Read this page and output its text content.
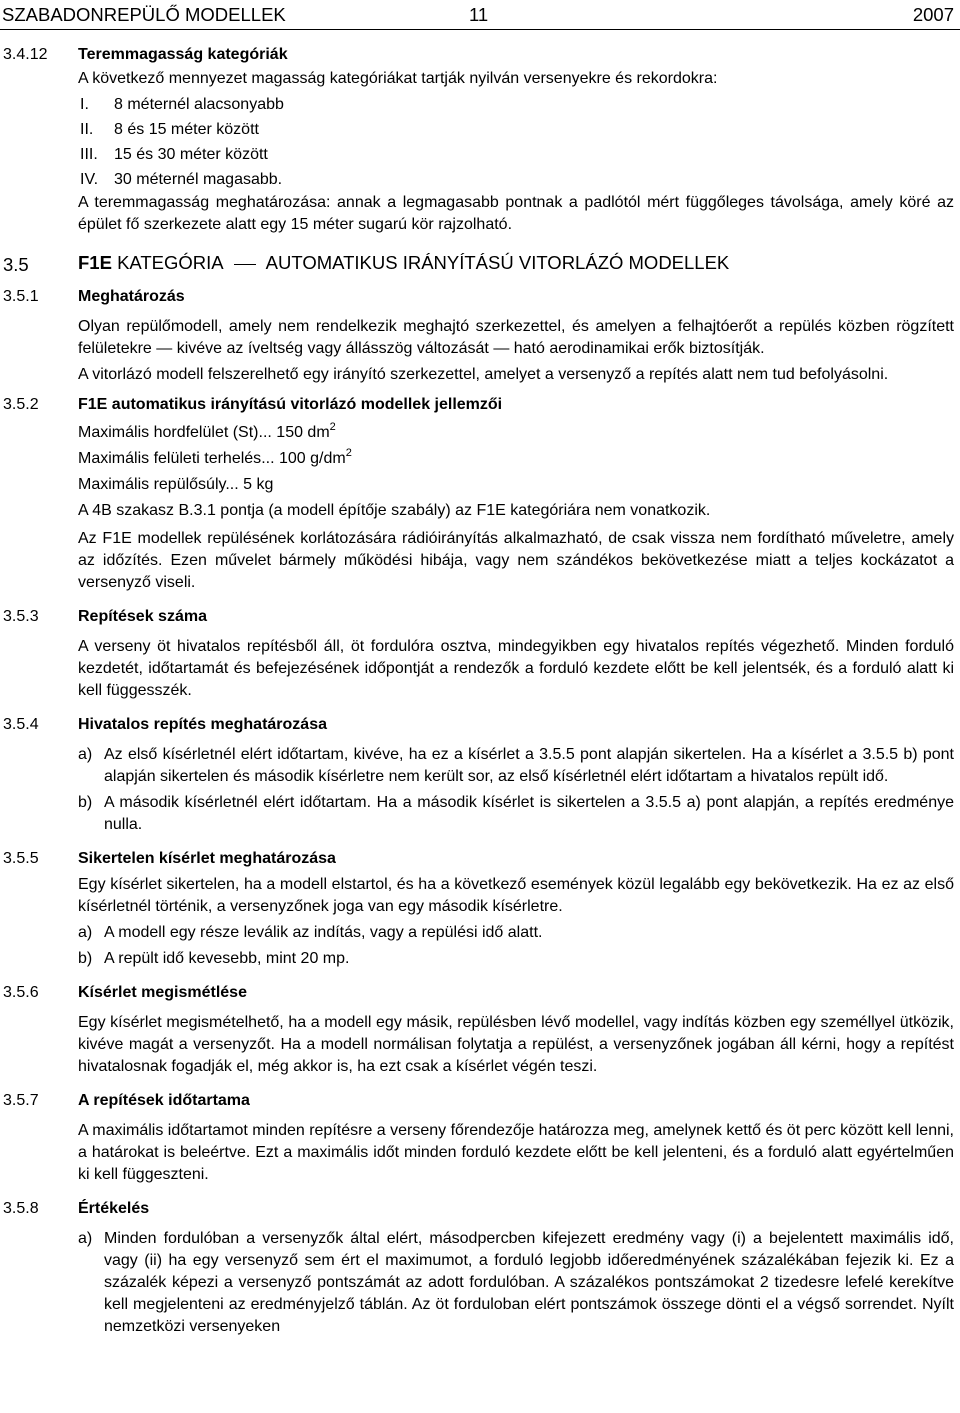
SZABADONREPÜLŐ MODELLEK	11	2007
3.4.12 Teremmagasság kategóriák
A következő mennyezet magasság kategóriákat tartják nyilván versenyekre és rekordokra:
I. 8 méternél alacsonyabb
II. 8 és 15 méter között
III. 15 és 30 méter között
IV. 30 méternél magasabb.
A teremmagasság meghatározása: annak a legmagasabb pontnak a padlótól mért függőleges távolsága, amely köré az épület fő szerkezete alatt egy 15 méter sugarú kör rajzolható.
3.5	F1E KATEGÓRIA AUTOMATIKUS IRÁNYÍTÁSÚ VITORLÁZÓ MODELLEK
3.5.1 Meghatározás
Olyan repülőmodell, amely nem rendelkezik meghajtó szerkezettel, és amelyen a felhajtóerőt a repülés közben rögzített felületekre ― kivéve az íveltség vagy állásszög változását ― ható aerodinamikai erők biztosítják.
A vitorlázó modell felszerelhető egy irányító szerkezettel, amelyet a versenyző a repítés alatt nem tud befolyásolni.
3.5.2 F1E automatikus irányítású vitorlázó modellek jellemzői
Maximális hordfelület (St)... 150 $dm^2$
Maximális felületi terhelés... 100 $g/dm^2$
Maximális repülősúly... 5 kg
A 4B szakasz B.3.1 pontja (a modell építője szabály) az F1E kategóriára nem vonatkozik.
Az F1E modellek repülésének korlátozására rádióirányítás alkalmazható, de csak vissza nem fordítható műveletre, amely az időzítés. Ezen művelet bármely működési hibája, vagy nem szándékos bekövetkezése miatt a teljes kockázatot a versenyző viseli.
3.5.3 Repítések száma
A verseny öt hivatalos repítésből áll, öt fordulóra osztva, mindegyikben egy hivatalos repítés végezhető. Minden forduló kezdetét, időtartamát és befejezésének időpontját a rendezők a forduló kezdete előtt be kell jelentsék, és a forduló alatt ki kell függesszék.
3.5.4 Hivatalos repítés meghatározása
a) Az első kísérletnél elért időtartam, kivéve, ha ez a kísérlet a 3.5.5 pont alapján sikertelen. Ha a kísérlet a 3.5.5 b) pont alapján sikertelen és második kísérletre nem került sor, az első kísérletnél elért időtartam a hivatalos repült idő.
b) A második kísérletnél elért időtartam. Ha a második kísérlet is sikertelen a 3.5.5 a) pont alapján, a repítés eredménye nulla.
3.5.5 Sikertelen kísérlet meghatározása
Egy kísérlet sikertelen, ha a modell elstartol, és ha a következő események közül legalább egy bekövetkezik. Ha ez az első kísérletnél történik, a versenyzőnek joga van egy második kísérletre.
a) A modell egy része leválik az indítás, vagy a repülési idő alatt.
b) A repült idő kevesebb, mint 20 mp.
3.5.6 Kísérlet megismétlése
Egy kísérlet megismételhető, ha a modell egy másik, repülésben lévő modellel, vagy indítás közben egy személlyel ütközik, kivéve magát a versenyzőt. Ha a modell normálisan folytatja a repülést, a versenyzőnek jogában áll kérni, hogy a repítést hivatalosnak fogadják el, még akkor is, ha ezt csak a kísérlet végén teszi.
3.5.7 A repítések időtartama
A maximális időtartamot minden repítésre a verseny főrendezője határozza meg, amelynek kettő és öt perc között kell lenni, a határokat is beleértve. Ezt a maximális időt minden forduló kezdete előtt be kell jelenteni, és a forduló alatt egyértelműen ki kell függeszteni.
3.5.8 Értékelés
a) Minden fordulóban a versenyzők által elért, másodpercben kifejezett eredmény vagy (i) a bejelentett maximális idő, vagy (ii) ha egy versenyző sem ért el maximumot, a forduló legjobb időeredményének százalékában fejezik ki. Ez a százalék képezi a versenyző pontszámát az adott fordulóban. A százalékos pontszámokat 2 tizedesre lefelé kerekítve kell megjelenteni az eredményjelző táblán. Az öt forduloban elért pontszámok összege dönti el a végső sorrendet. Nyílt nemzetközi versenyeken
